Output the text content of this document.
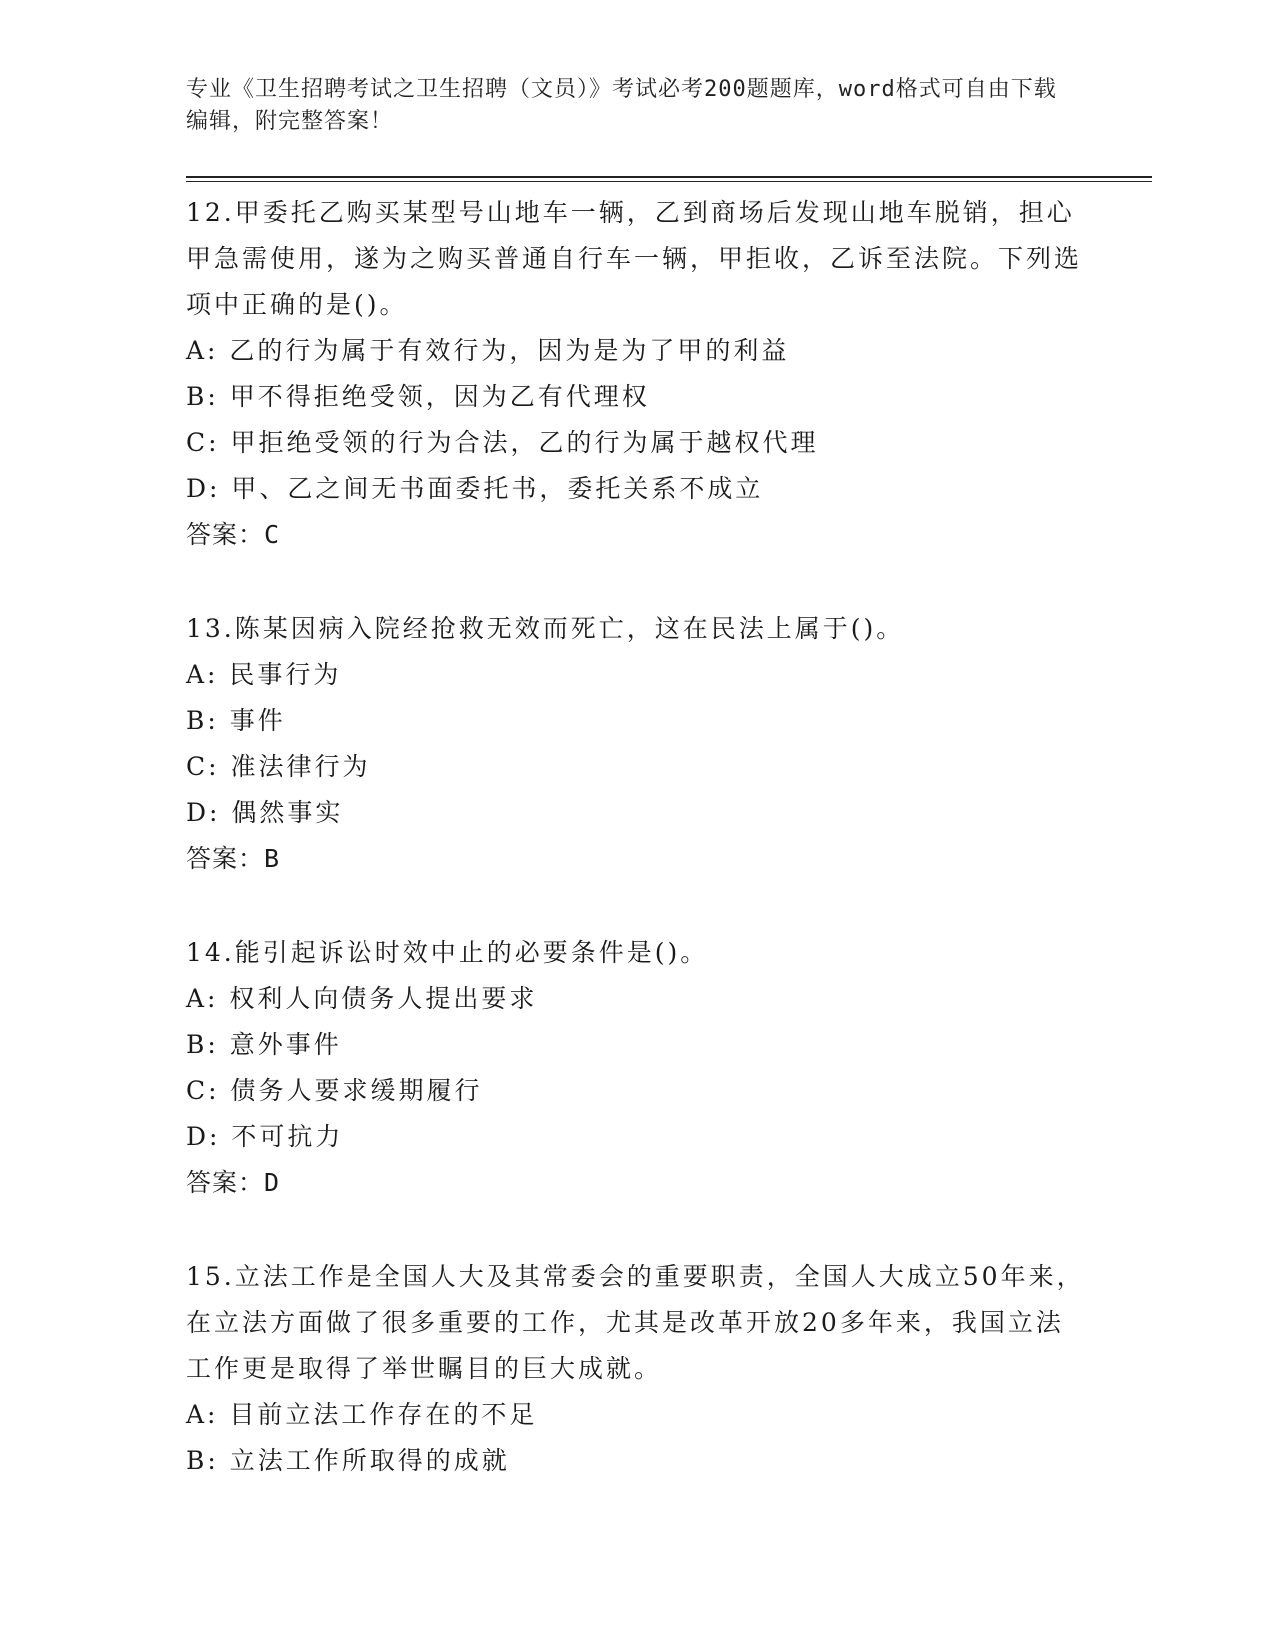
专业《卫生招聘考试之卫生招聘（文员）》考试必考200题题库，word格式可自由下载编辑，附完整答案！

12.甲委托乙购买某型号山地车一辆，乙到商场后发现山地车脱销，担心甲急需使用，遂为之购买普通自行车一辆，甲拒收，乙诉至法院。下列选项中正确的是()。

A: 乙的行为属于有效行为，因为是为了甲的利益

B: 甲不得拒绝受领，因为乙有代理权

C: 甲拒绝受领的行为合法，乙的行为属于越权代理

D: 甲、乙之间无书面委托书，委托关系不成立

答案：C

13.陈某因病入院经抢救无效而死亡，这在民法上属于()。

A: 民事行为

B: 事件

C: 准法律行为

D: 偶然事实

答案：B

14.能引起诉讼时效中止的必要条件是()。

A: 权利人向债务人提出要求

B: 意外事件

C: 债务人要求缓期履行

D: 不可抗力

答案：D

15.立法工作是全国人大及其常委会的重要职责，全国人大成立50年来，在立法方面做了很多重要的工作，尤其是改革开放20多年来，我国立法工作更是取得了举世瞩目的巨大成就。

A: 目前立法工作存在的不足

B: 立法工作所取得的成就
